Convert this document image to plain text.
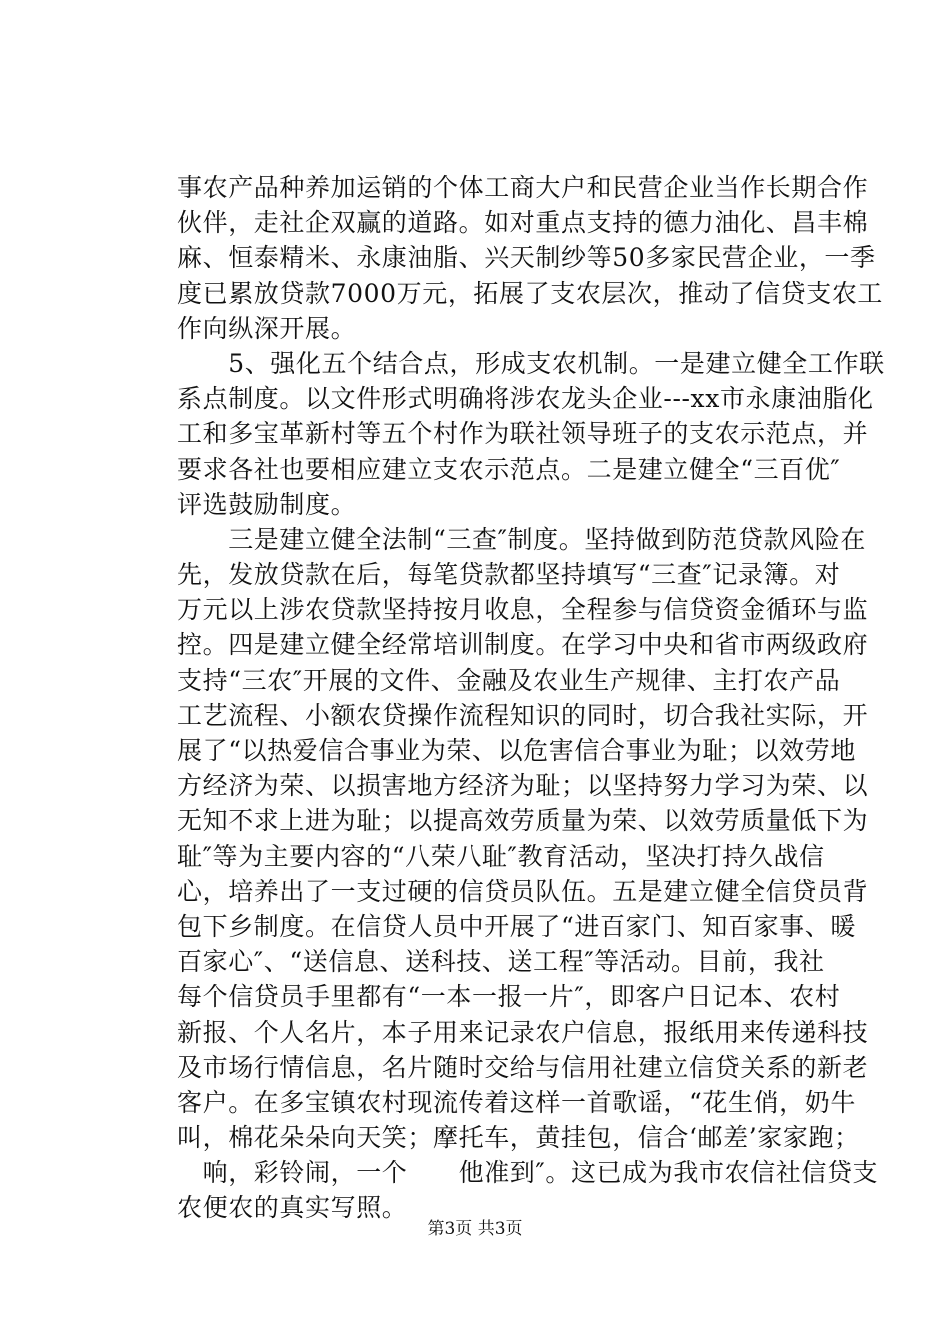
事农产品种养加运销的个体工商大户和民营企业当作长期合作
伙伴，走社企双赢的道路。如对重点支持的德力油化、昌丰棉
麻、恒泰精米、永康油脂、兴天制纱等50多家民营企业，一季
度已累放贷款7000万元，拓展了支农层次，推动了信贷支农工
作向纵深开展。
　　5、强化五个结合点，形成支农机制。一是建立健全工作联
系点制度。以文件形式明确将涉农龙头企业---xx市永康油脂化
工和多宝革新村等五个村作为联社领导班子的支农示范点，并
要求各社也要相应建立支农示范点。二是建立健全“三百优″
评选鼓励制度。
　　三是建立健全法制“三查″制度。坚持做到防范贷款风险在
先，发放贷款在后，每笔贷款都坚持填写“三查″记录簿。对
万元以上涉农贷款坚持按月收息，全程参与信贷资金循环与监
控。四是建立健全经常培训制度。在学习中央和省市两级政府
支持“三农″开展的文件、金融及农业生产规律、主打农产品
工艺流程、小额农贷操作流程知识的同时，切合我社实际，开
展了“以热爱信合事业为荣、以危害信合事业为耻；以效劳地
方经济为荣、以损害地方经济为耻；以坚持努力学习为荣、以
无知不求上进为耻；以提高效劳质量为荣、以效劳质量低下为
耻″等为主要内容的“八荣八耻″教育活动，坚决打持久战信
心，培养出了一支过硬的信贷员队伍。五是建立健全信贷员背
包下乡制度。在信贷人员中开展了“进百家门、知百家事、暖
百家心″、“送信息、送科技、送工程″等活动。目前，我社
每个信贷员手里都有“一本一报一片″，即客户日记本、农村
新报、个人名片，本子用来记录农户信息，报纸用来传递科技
及市场行情信息，名片随时交给与信用社建立信贷关系的新老
客户。在多宝镇农村现流传着这样一首歌谣，“花生俏，奶牛
叫，棉花朵朵向天笑；摩托车，黄挂包，信合‘邮差’家家跑；
　响，彩铃闹，一个　　他准到″。这已成为我市农信社信贷支
农便农的真实写照。
第3页 共3页
